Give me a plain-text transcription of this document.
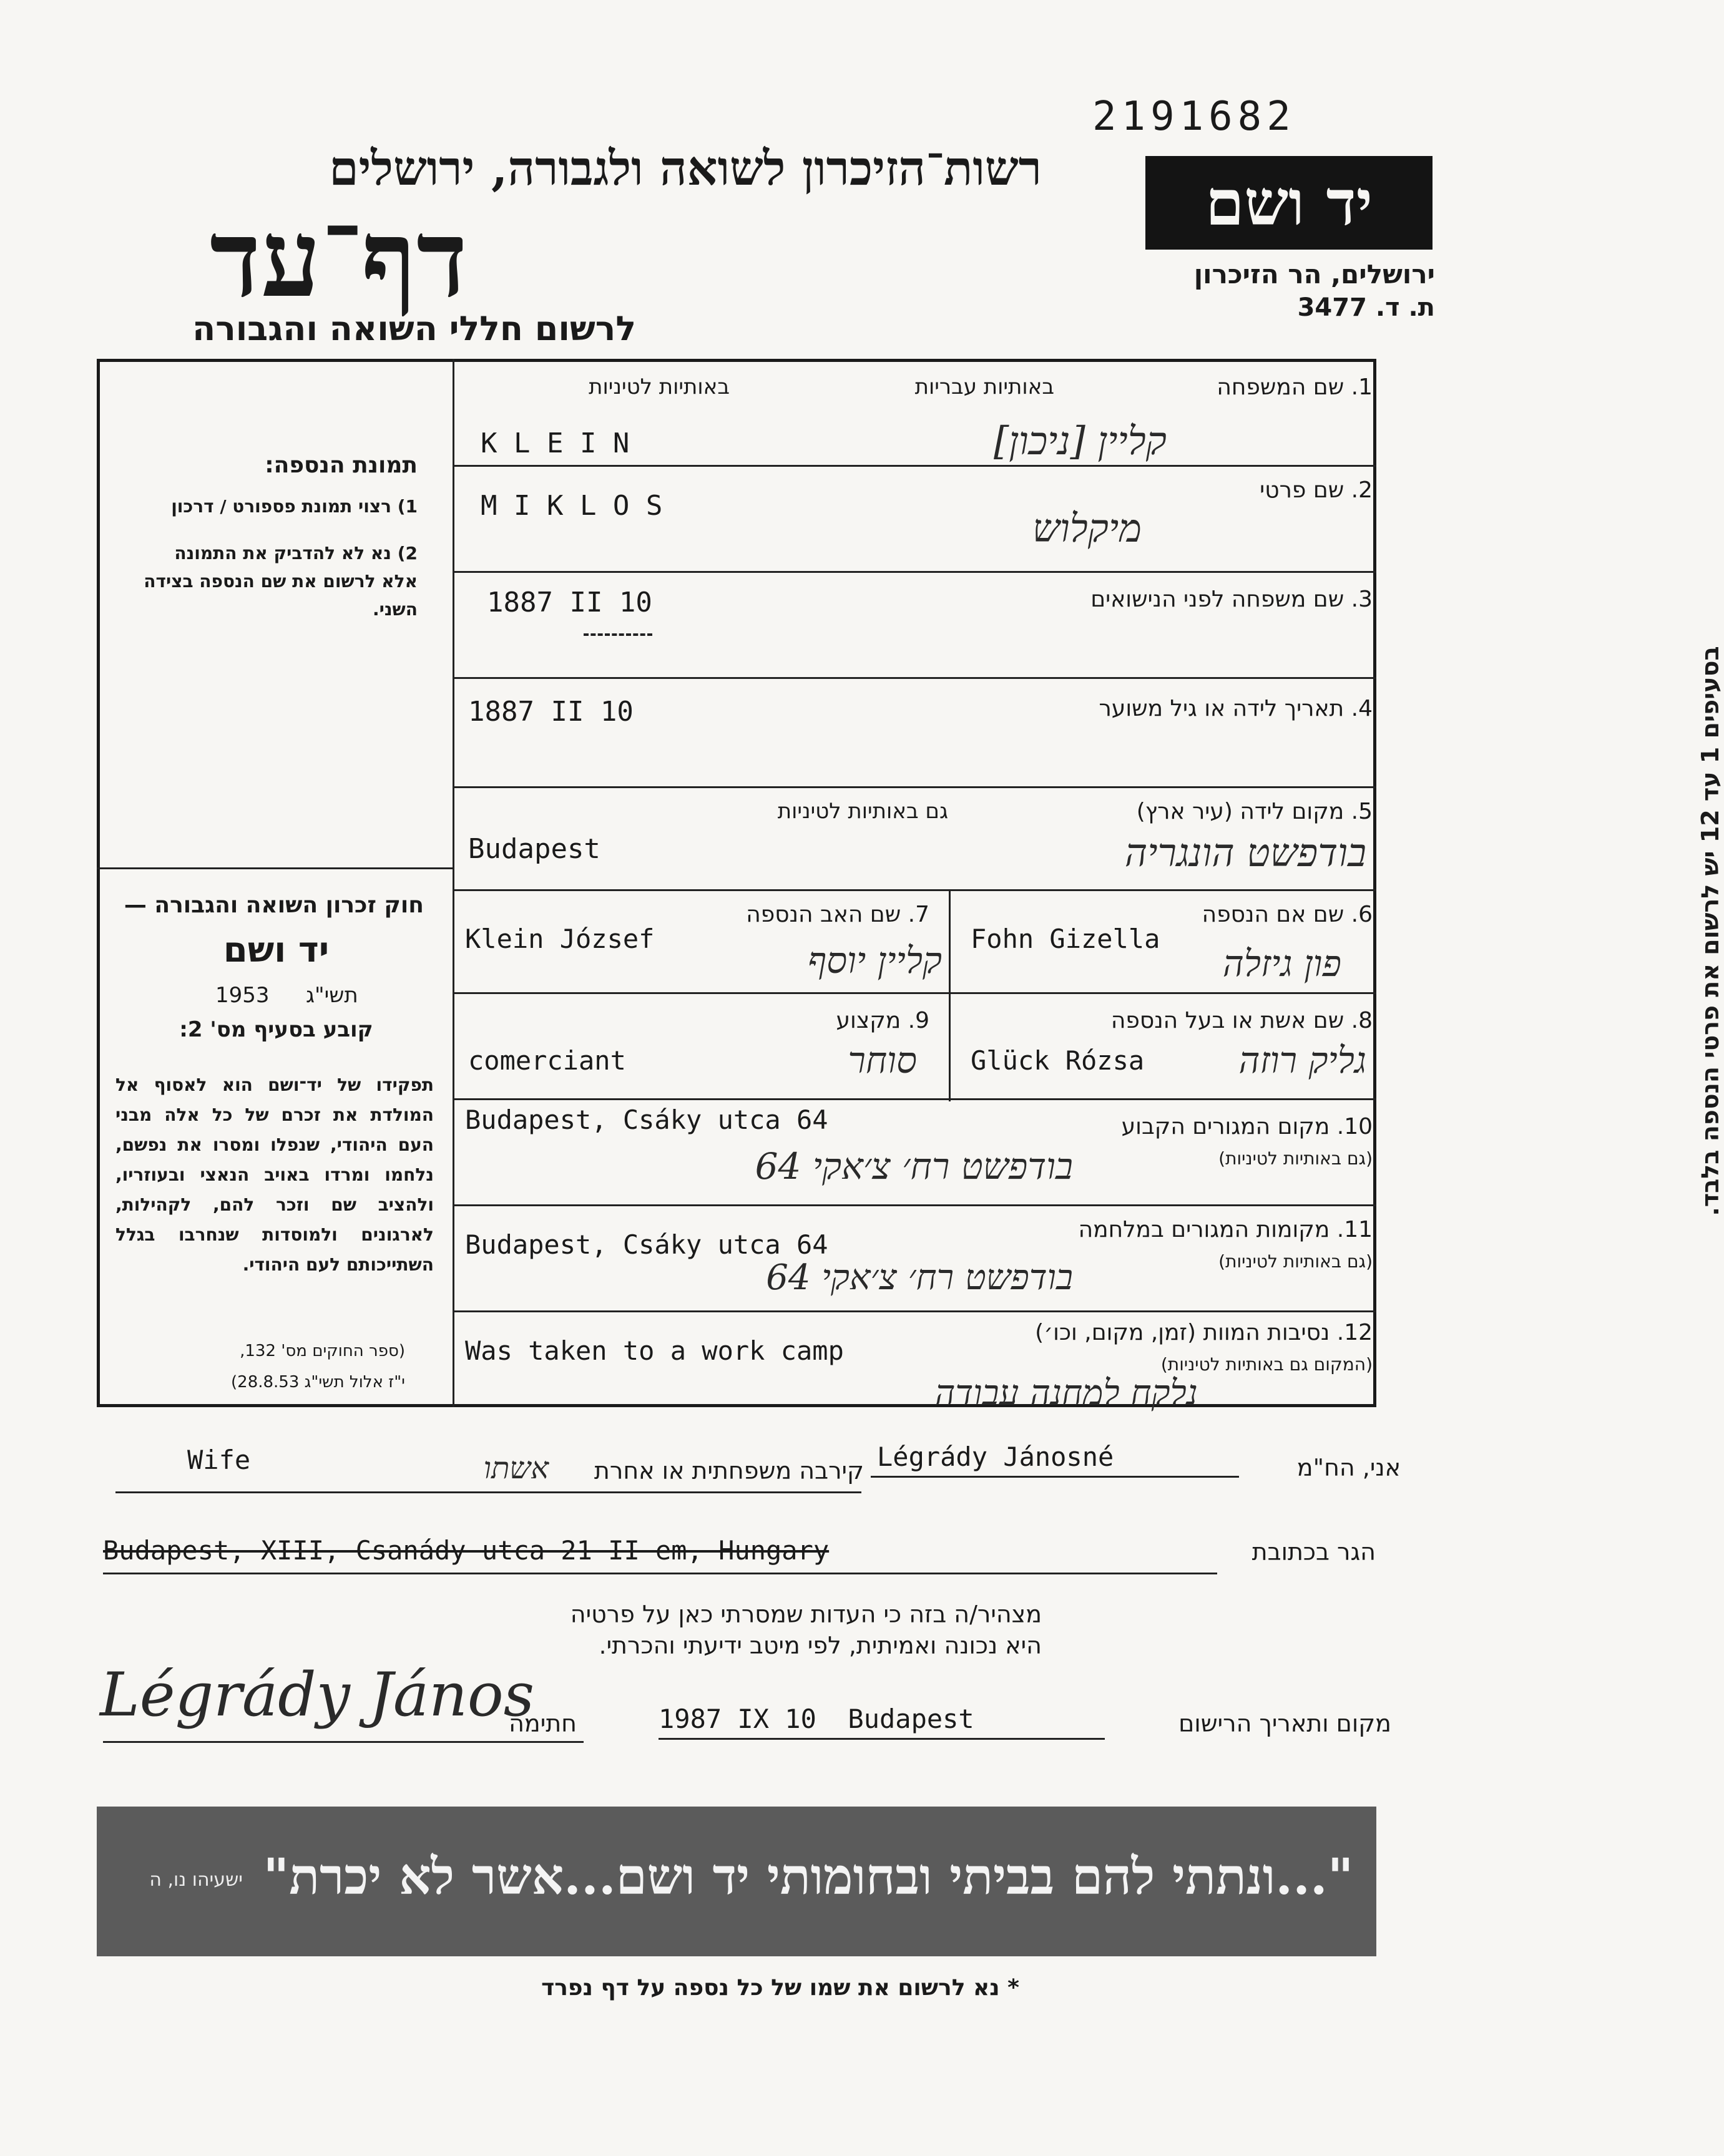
2191682
רשות־הזיכרון לשואה ולגבורה, ירושלים
דף־עד
לרשום חללי השואה והגבורה
יד ושם
ירושלים, הר הזיכרון
ת. ד. 3477
תמונת הנספה:
1) רצוי תמונת פספורט / דרכון
2) נא לא להדביק את התמונה
אלא לרשום את שם הנספה בצידה
השני.
חוק זכרון השואה והגבורה —
יד ושם
תשי"ג
1953
קובע בסעיף מס' 2:
תפקידו של יד־ושם הוא לאסוף אל המולדת את זכרם של כל אלה מבני העם היהודי, שנפלו ומסרו את נפשם, נלחמו ומרדו באויב הנאצי ובעוזריו, ולהציב שם וזכר להם, לקהילות, לארגונים ולמוסדות שנחרבו בגלל השתייכותם לעם היהודי.
(ספר החוקים מס' 132,
י"ז אלול תשי"ג 28.8.53)
בסעיפים 1 עד 12 יש לרשום את פרטי הנספה בלבד.
1. שם המשפחה
באותיות עבריות
באותיות לטיניות
K L E I N	קליין [ניכון]
2. שם פרטי
M I K L O S	מיקלוש
3. שם משפחה לפני הנישואים
1887 II 10
4. תאריך לידה או גיל משוער
1887 II 10
5. מקום לידה (עיר ארץ)
גם באותיות לטיניות
Budapest	בודפשט הונגריה
6. שם אם הנספה
Fohn Gizella
פון גיזלה
7. שם האב הנספה
Klein József
קליין יוסף
8. שם אשת או בעל הנספה
Glück Rózsa	גליק רוזה
9. מקצוע
comerciant	סוחר
10. מקום המגורים הקבוע
(גם באותיות לטיניות)
Budapest, Csáky utca 64
בודפשט רח׳ צ׳אקי 64
11. מקומות המגורים במלחמה
(גם באותיות לטיניות)
Budapest, Csáky utca 64
בודפשט רח׳ צ׳אקי 64
12. נסיבות המוות (זמן, מקום, וכו׳)
(המקום גם באותיות לטיניות)
Was taken to a work camp
נלקח למחנה עבודה
אני, הח"מ
Légrády Jánosné
קירבה משפחתית או אחרת
Wife	אשתו
הגר בכתובת
Budapest, XIII, Csanády utca 21 II em, Hungary
מצהיר/ה בזה כי העדות שמסרתי כאן על פרטיה
היא נכונה ואמיתית, לפי מיטב ידיעתי והכרתי.
Légrády János
חתימה	מקום ותאריך הרישום
1987 IX 10  Budapest
"...ונתתי להם בביתי ובחומותי יד ושם...אשר לא יכרת"
ישעיהו נו, ה
* נא לרשום את שמו של כל נספה על דף נפרד
